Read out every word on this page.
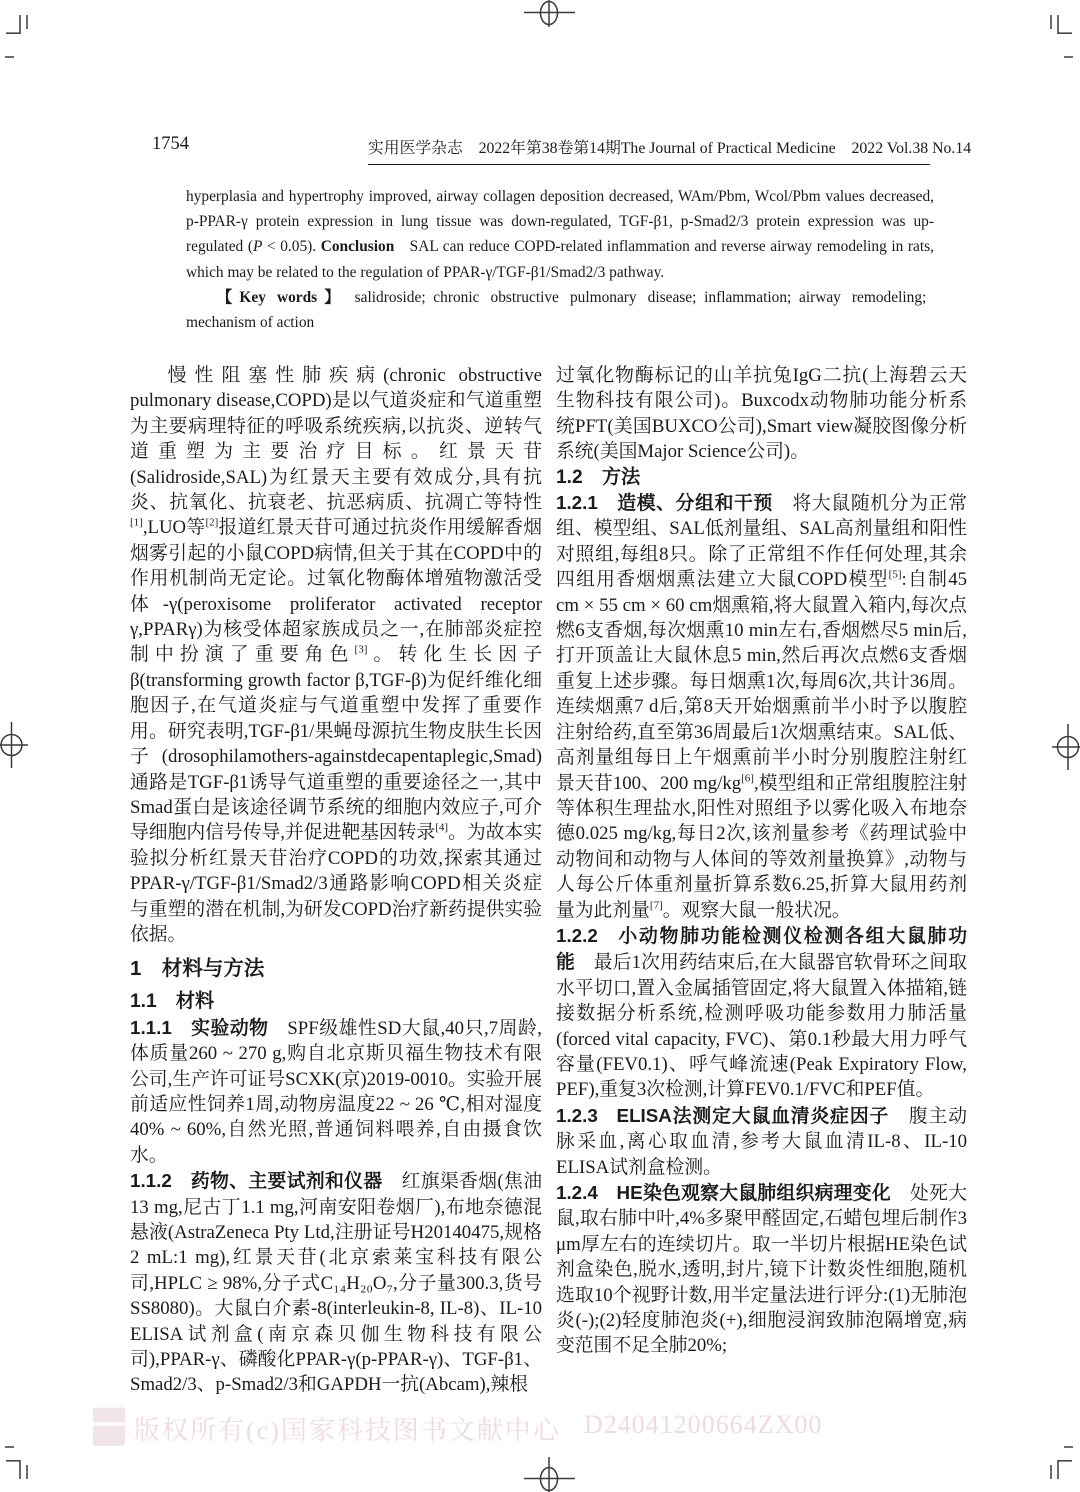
版权所有(c)国家科技图书文献中心 D24041200664ZX00
1754	实用医学杂志 2022年第38卷第14期 The Journal of Practical Medicine 2022 Vol.38 No.14

hyperplasia and hypertrophy improved, airway collagen deposition decreased, WAm/Pbm, Wcol/Pbm values decreased, p-PPAR-γ protein expression in lung tissue was down-regulated, TGF-β1, p-Smad2/3 protein expression was up-regulated (P < 0.05). Conclusion SAL can reduce COPD-related inflammation and reverse airway remodeling in rats, which may be related to the regulation of PPAR-γ/TGF-β1/Smad2/3 pathway.

【Key words】 salidroside; chronic obstructive pulmonary disease; inflammation; airway remodeling; mechanism of action

慢性阻塞性肺疾病(chronic obstructive pulmonary disease,COPD)是以气道炎症和气道重塑为主要病理特征的呼吸系统疾病,以抗炎、逆转气道重塑为主要治疗目标。红景天苷(Salidroside,SAL)为红景天主要有效成分,具有抗炎、抗氧化、抗衰老、抗恶病质、抗凋亡等特性[1],LUO等[2]报道红景天苷可通过抗炎作用缓解香烟烟雾引起的小鼠COPD病情,但关于其在COPD中的作用机制尚无定论。过氧化物酶体增殖物激活受体-γ(peroxisome proliferator activated receptor γ,PPARγ)为核受体超家族成员之一,在肺部炎症控制中扮演了重要角色[3]。转化生长因子β(transforming growth factor β,TGF-β)为促纤维化细胞因子,在气道炎症与气道重塑中发挥了重要作用。研究表明,TGF-β1/果蝇母源抗生物皮肤生长因子(drosophilamothers-againstdecapentaplegic,Smad)通路是TGF-β1诱导气道重塑的重要途径之一,其中Smad蛋白是该途径调节系统的细胞内效应子,可介导细胞内信号传导,并促进靶基因转录[4]。为故本实验拟分析红景天苷治疗COPD的功效,探索其通过PPAR-γ/TGF-β1/Smad2/3通路影响COPD相关炎症与重塑的潜在机制,为研发COPD治疗新药提供实验依据。

1 材料与方法
1.1 材料

1.1.1 实验动物 SPF级雄性SD大鼠,40只,7周龄,体质量260 ~ 270 g,购自北京斯贝福生物技术有限公司,生产许可证号SCXK(京)2019-0010。实验开展前适应性饲养1周,动物房温度22 ~ 26 ℃,相对湿度40% ~ 60%,自然光照,普通饲料喂养,自由摄食饮水。

1.1.2 药物、主要试剂和仪器 红旗渠香烟(焦油13 mg,尼古丁1.1 mg,河南安阳卷烟厂),布地奈德混悬液(AstraZeneca Pty Ltd,注册证号H20140475,规格2 mL:1 mg),红景天苷(北京索莱宝科技有限公司,HPLC ≥ 98%,分子式C₁₄H₂₀O₇,分子量300.3,货号SS8080)。大鼠白介素-8(interleukin-8, IL-8)、IL-10 ELISA试剂盒(南京森贝伽生物科技有限公司),PPAR-γ、磷酸化PPAR-γ(p-PPAR-γ)、TGF-β1、Smad2/3、p-Smad2/3和GAPDH一抗(Abcam),辣根

过氧化物酶标记的山羊抗兔IgG二抗(上海碧云天生物科技有限公司)。Buxcodx动物肺功能分析系统PFT(美国BUXCO公司),Smart view凝胶图像分析系统(美国Major Science公司)。

1.2 方法

1.2.1 造模、分组和干预 将大鼠随机分为正常组、模型组、SAL低剂量组、SAL高剂量组和阳性对照组,每组8只。除了正常组不作任何处理,其余四组用香烟烟熏法建立大鼠COPD模型[5]:自制45 cm × 55 cm × 60 cm烟熏箱,将大鼠置入箱内,每次点燃6支香烟,每次烟熏10 min左右,香烟燃尽5 min后,打开顶盖让大鼠休息5 min,然后再次点燃6支香烟重复上述步骤。每日烟熏1次,每周6次,共计36周。连续烟熏7 d后,第8天开始烟熏前半小时予以腹腔注射给药,直至第36周最后1次烟熏结束。SAL低、高剂量组每日上午烟熏前半小时分别腹腔注射红景天苷100、200 mg/kg[6],模型组和正常组腹腔注射等体积生理盐水,阳性对照组予以雾化吸入布地奈德0.025 mg/kg,每日2次,该剂量参考《药理试验中动物间和动物与人体间的等效剂量换算》,动物与人每公斤体重剂量折算系数6.25,折算大鼠用药剂量为此剂量[7]。观察大鼠一般状况。

1.2.2 小动物肺功能检测仪检测各组大鼠肺功能 最后1次用药结束后,在大鼠器官软骨环之间取水平切口,置入金属插管固定,将大鼠置入体描箱,链接数据分析系统,检测呼吸功能参数用力肺活量(forced vital capacity, FVC)、第0.1秒最大用力呼气容量(FEV0.1)、呼气峰流速(Peak Expiratory Flow, PEF),重复3次检测,计算FEV0.1/FVC和PEF值。

1.2.3 ELISA法测定大鼠血清炎症因子 腹主动脉采血,离心取血清,参考大鼠血清IL-8、IL-10 ELISA试剂盒检测。

1.2.4 HE染色观察大鼠肺组织病理变化 处死大鼠,取右肺中叶,4%多聚甲醛固定,石蜡包埋后制作3 μm厚左右的连续切片。取一半切片根据HE染色试剂盒染色,脱水,透明,封片,镜下计数炎性细胞,随机选取10个视野计数,用半定量法进行评分:(1)无肺泡炎(-);(2)轻度肺泡炎(+),细胞浸润致肺泡隔增宽,病变范围不足全肺20%;
